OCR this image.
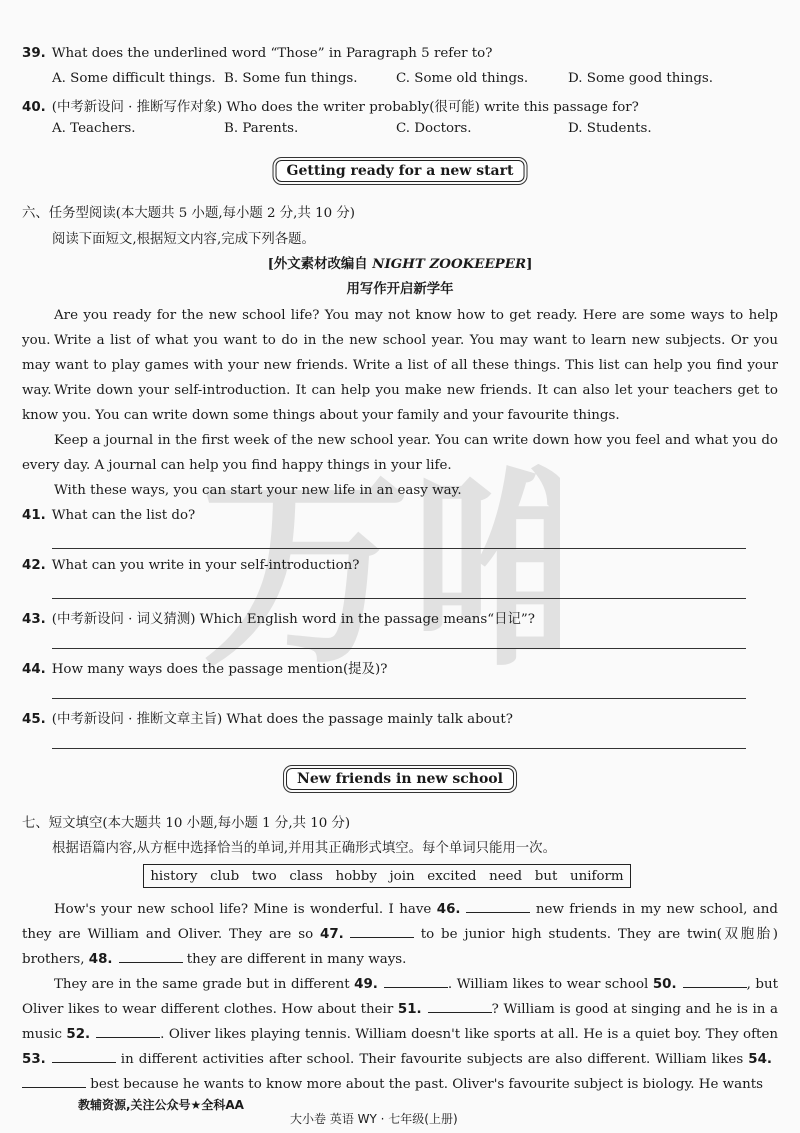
万唯
39. What does the underlined word “Those” in Paragraph 5 refer to?
A. Some difficult things. B. Some fun things.	C. Some old things.	D. Some good things.
40. (中考新设问 · 推断写作对象) Who does the writer probably(很可能) write this passage for?
A. Teachers.	B. Parents.	C. Doctors.	D. Students.
Getting ready for a new start
六、任务型阅读(本大题共 5 小题,每小题 2 分,共 10 分)
阅读下面短文,根据短文内容,完成下列各题。
[外文素材改编自 NIGHT ZOOKEEPER]
用写作开启新学年
Are you ready for the new school life? You may not know how to get ready. Here are some ways to help you. Write a list of what you want to do in the new school year. You may want to learn new subjects. Or you may want to play games with your new friends. Write a list of all these things. This list can help you find your way. Write down your self-introduction. It can help you make new friends. It can also let your teachers get to know you. You can write down some things about your family and your favourite things.
Keep a journal in the first week of the new school year. You can write down how you feel and what you do every day. A journal can help you find happy things in your life.
With these ways, you can start your new life in an easy way.
41. What can the list do?
42. What can you write in your self-introduction?
43. (中考新设问 · 词义猜测) Which English word in the passage means“日记”?
44. How many ways does the passage mention(提及)?
45. (中考新设问 · 推断文章主旨) What does the passage mainly talk about?
New friends in new school
七、短文填空(本大题共 10 小题,每小题 1 分,共 10 分)
根据语篇内容,从方框中选择恰当的单词,并用其正确形式填空。每个单词只能用一次。
history club two class hobby join excited need but uniform
How's your new school life? Mine is wonderful. I have 46.	new friends in my new school, and they are William and Oliver. They are so 47.	to be junior high students. They are twin(双胞胎) brothers, 48.	they are different in many ways.
They are in the same grade but in different 49.	. William likes to wear school 50.	, but Oliver likes to wear different clothes. How about their 51.	? William is good at singing and he is in a music 52.	. Oliver likes playing tennis. William doesn't like sports at all. He is a quiet boy. They often 53.	in different activities after school. Their favourite subjects are also different. William likes 54. best because he wants to know more about the past. Oliver's favourite subject is biology. He wants
教辅资源,关注公众号★全科AA
大小卷 英语 WY · 七年级(上册)
